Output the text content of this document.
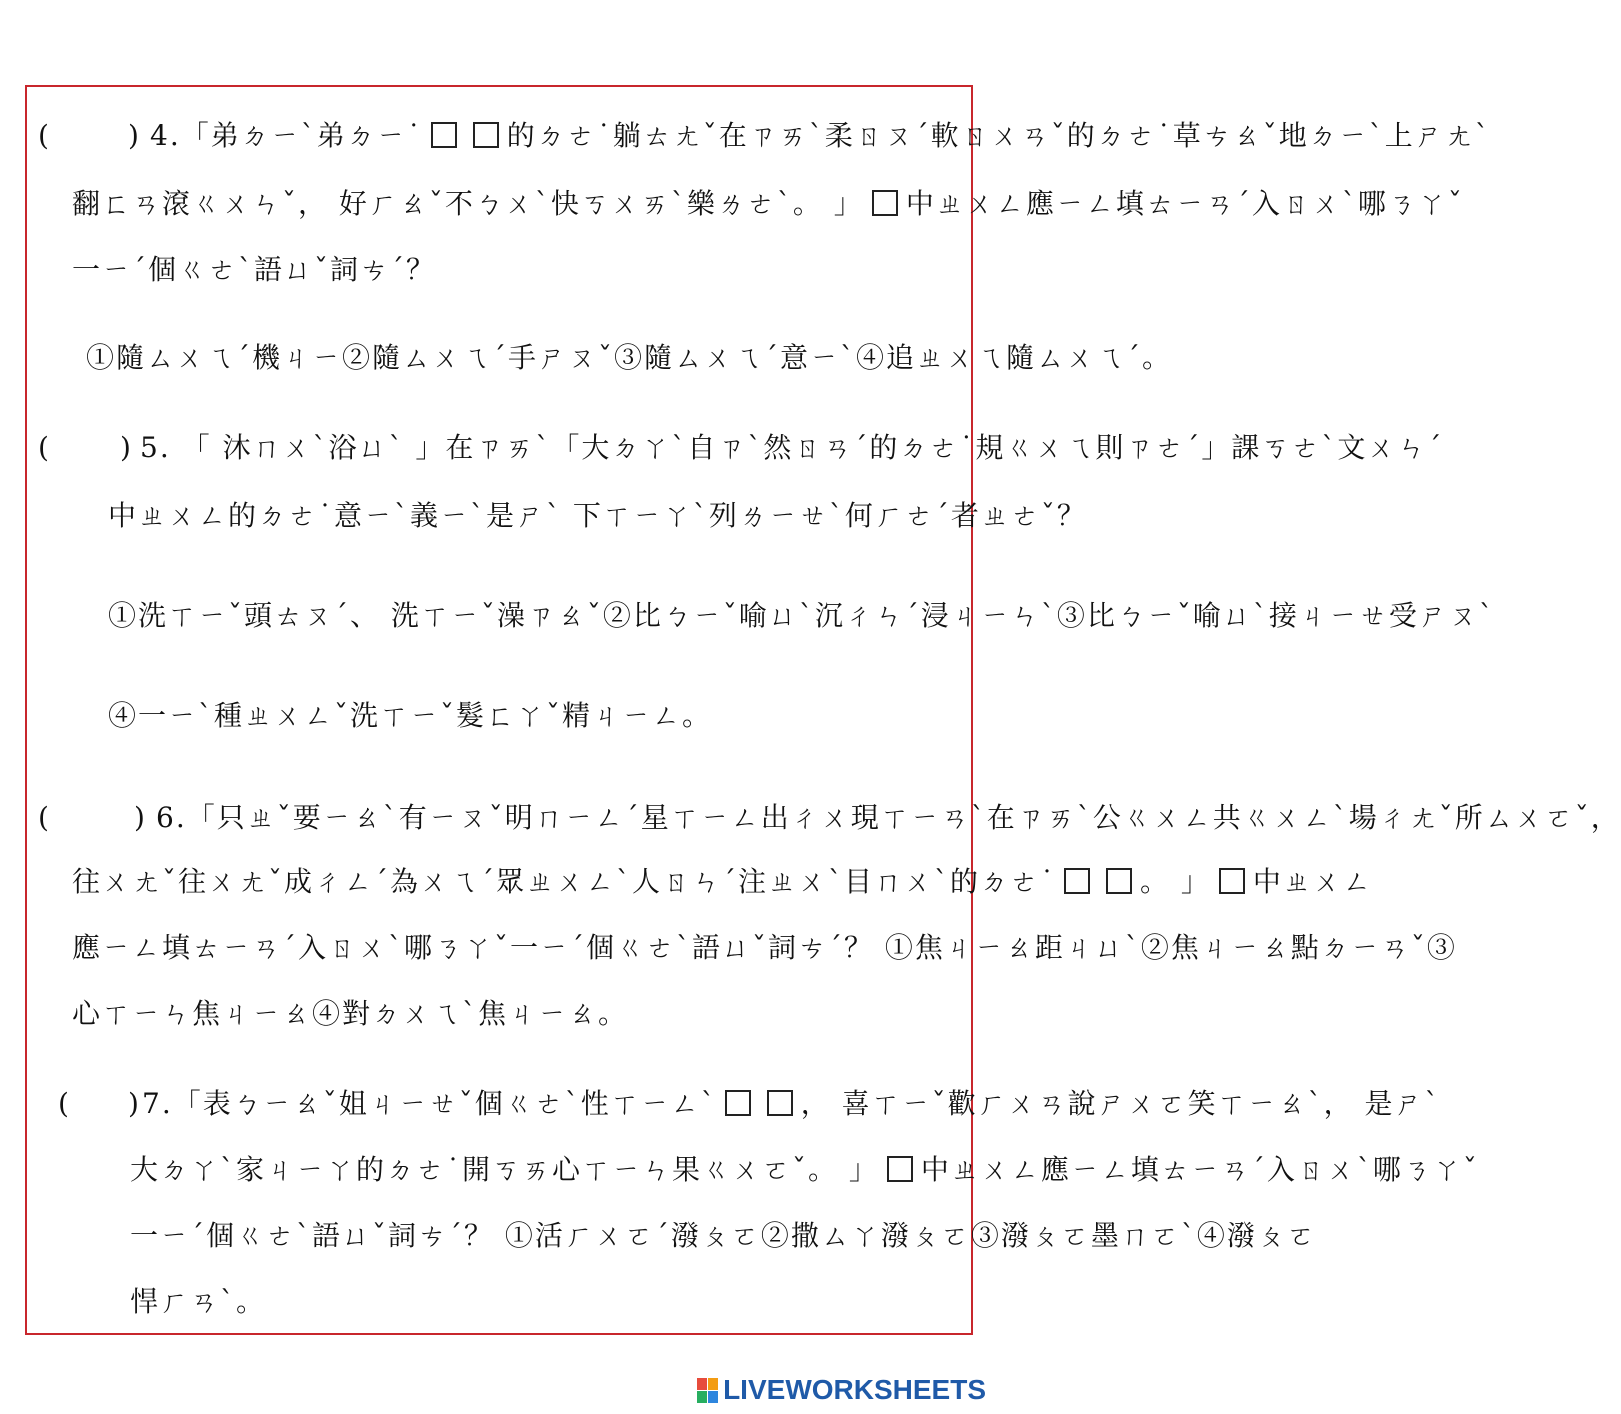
(	) 4.「弟ㄉㄧˋ弟ㄉㄧ˙	的ㄉㄜ˙躺ㄊㄤˇ在ㄗㄞˋ柔ㄖㄡˊ軟ㄖㄨㄢˇ的ㄉㄜ˙草ㄘㄠˇ地ㄉㄧˋ上ㄕㄤˋ
翻ㄈㄢ滾ㄍㄨㄣˇ， 好ㄏㄠˇ不ㄅㄨˋ快ㄎㄨㄞˋ樂ㄌㄜˋ。 」 中ㄓㄨㄥ應ㄧㄥ填ㄊㄧㄢˊ入ㄖㄨˋ哪ㄋㄚˇ
一ㄧˊ個ㄍㄜˋ語ㄩˇ詞ㄘˊ？
①隨ㄙㄨㄟˊ機ㄐㄧ②隨ㄙㄨㄟˊ手ㄕㄡˇ③隨ㄙㄨㄟˊ意ㄧˋ④追ㄓㄨㄟ隨ㄙㄨㄟˊ。
(	) 5. 「 沐ㄇㄨˋ浴ㄩˋ 」在ㄗㄞˋ「大ㄉㄚˋ自ㄗˋ然ㄖㄢˊ的ㄉㄜ˙規ㄍㄨㄟ則ㄗㄜˊ」課ㄎㄜˋ文ㄨㄣˊ
中ㄓㄨㄥ的ㄉㄜ˙意ㄧˋ義ㄧˋ是ㄕˋ 下ㄒㄧㄚˋ列ㄌㄧㄝˋ何ㄏㄜˊ者ㄓㄜˇ？
①洗ㄒㄧˇ頭ㄊㄡˊ、 洗ㄒㄧˇ澡ㄗㄠˇ②比ㄅㄧˇ喻ㄩˋ沉ㄔㄣˊ浸ㄐㄧㄣˋ③比ㄅㄧˇ喻ㄩˋ接ㄐㄧㄝ受ㄕㄡˋ
④一ㄧˋ種ㄓㄨㄥˇ洗ㄒㄧˇ髮ㄈㄚˇ精ㄐㄧㄥ。
(	) 6.「只ㄓˇ要ㄧㄠˋ有ㄧㄡˇ明ㄇㄧㄥˊ星ㄒㄧㄥ出ㄔㄨ現ㄒㄧㄢˋ在ㄗㄞˋ公ㄍㄨㄥ共ㄍㄨㄥˋ場ㄔㄤˇ所ㄙㄨㄛˇ，
往ㄨㄤˇ往ㄨㄤˇ成ㄔㄥˊ為ㄨㄟˊ眾ㄓㄨㄥˋ人ㄖㄣˊ注ㄓㄨˋ目ㄇㄨˋ的ㄉㄜ˙	。 」 中ㄓㄨㄥ
應ㄧㄥ填ㄊㄧㄢˊ入ㄖㄨˋ哪ㄋㄚˇ一ㄧˊ個ㄍㄜˋ語ㄩˇ詞ㄘˊ？ ①焦ㄐㄧㄠ距ㄐㄩˋ②焦ㄐㄧㄠ點ㄉㄧㄢˇ③
心ㄒㄧㄣ焦ㄐㄧㄠ④對ㄉㄨㄟˋ焦ㄐㄧㄠ。
( ) 7.「表ㄅㄧㄠˇ姐ㄐㄧㄝˇ個ㄍㄜˋ性ㄒㄧㄥˋ	， 喜ㄒㄧˇ歡ㄏㄨㄢ說ㄕㄨㄛ笑ㄒㄧㄠˋ， 是ㄕˋ
大ㄉㄚˋ家ㄐㄧㄚ的ㄉㄜ˙開ㄎㄞ心ㄒㄧㄣ果ㄍㄨㄛˇ。 」 中ㄓㄨㄥ應ㄧㄥ填ㄊㄧㄢˊ入ㄖㄨˋ哪ㄋㄚˇ
一ㄧˊ個ㄍㄜˋ語ㄩˇ詞ㄘˊ？ ①活ㄏㄨㄛˊ潑ㄆㄛ②撒ㄙㄚ潑ㄆㄛ③潑ㄆㄛ墨ㄇㄛˋ④潑ㄆㄛ
悍ㄏㄢˋ。
LIVEWORKSHEETS
